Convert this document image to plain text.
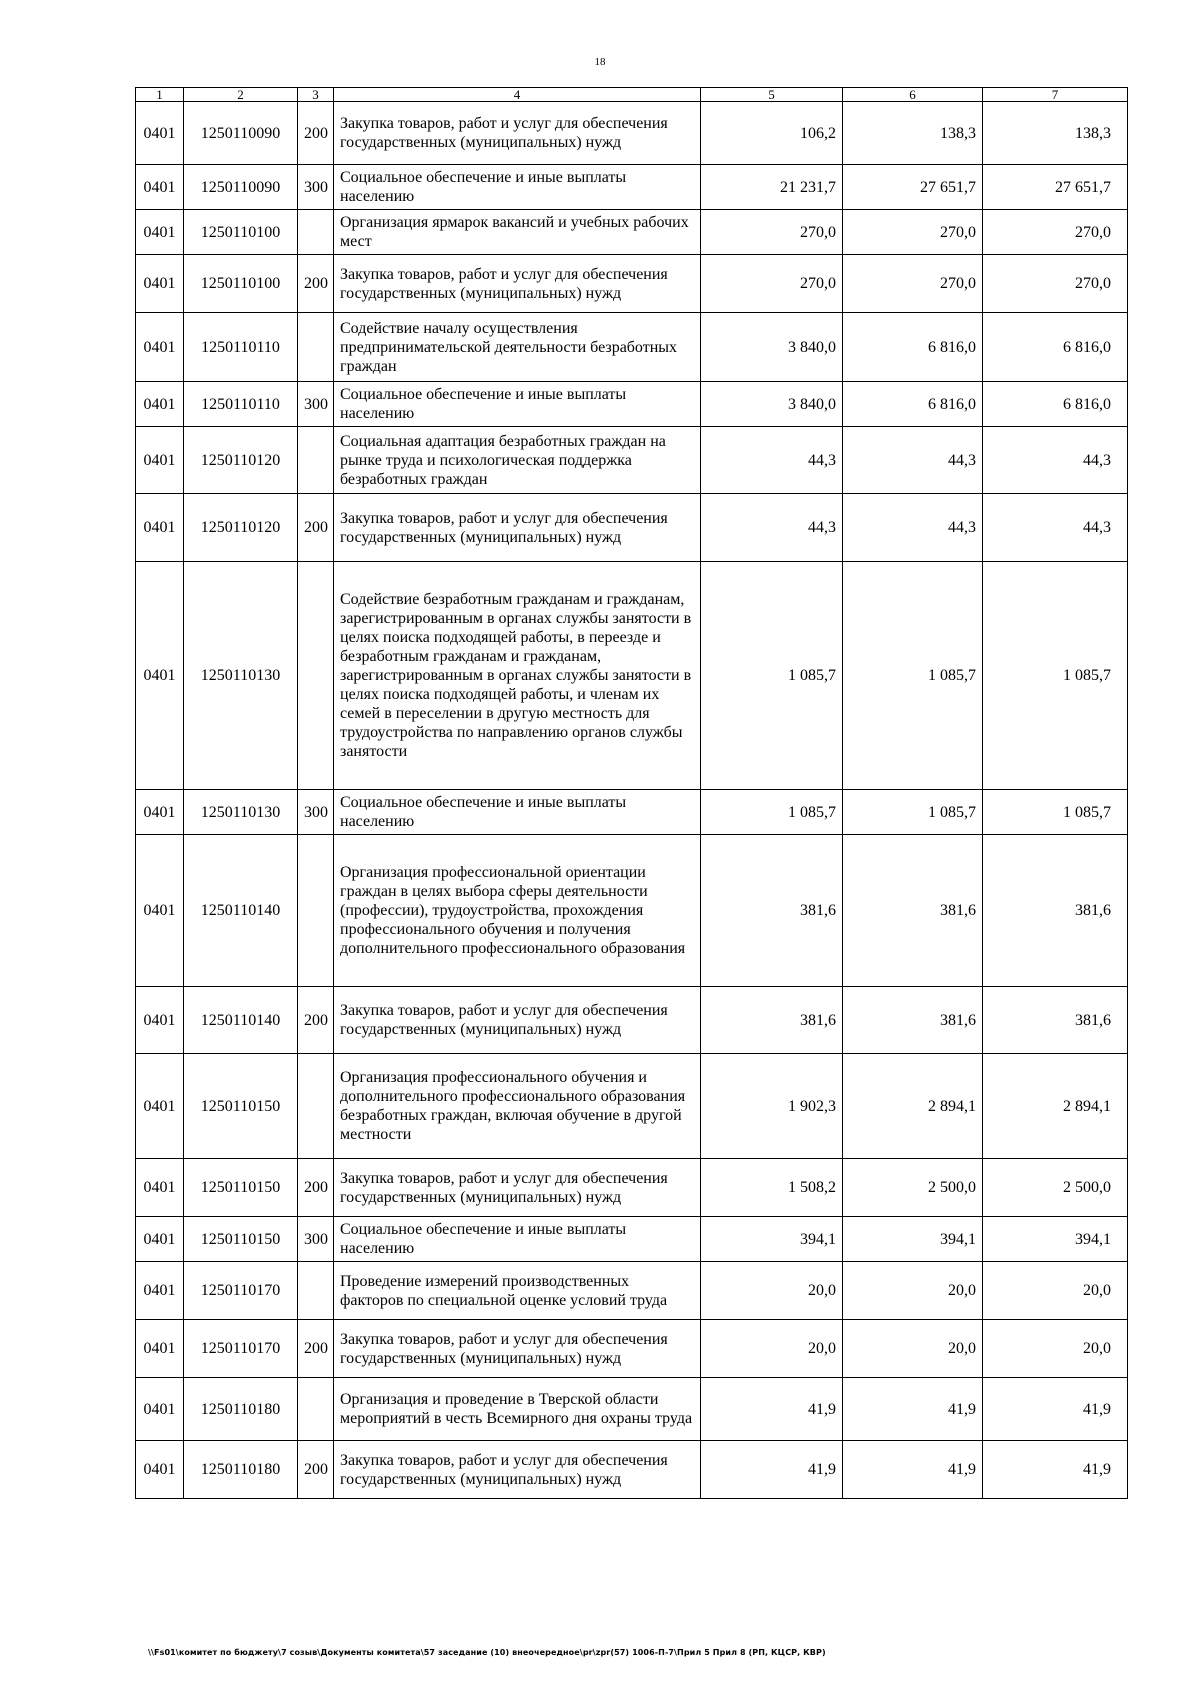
18
1	2	3	4	5	6	7
0401	1250110090	200	Закупка товаров, работ и услуг для обеспечения государственных (муниципальных) нужд	106,2	138,3	138,3
0401	1250110090	300	Социальное обеспечение и иные выплаты населению	21 231,7	27 651,7	27 651,7
0401	1250110100		Организация ярмарок вакансий и учебных рабочих мест	270,0	270,0	270,0
0401	1250110100	200	Закупка товаров, работ и услуг для обеспечения государственных (муниципальных) нужд	270,0	270,0	270,0
0401	1250110110		Содействие началу осуществления предпринимательской деятельности безработных граждан	3 840,0	6 816,0	6 816,0
0401	1250110110	300	Социальное обеспечение и иные выплаты населению	3 840,0	6 816,0	6 816,0
0401	1250110120		Социальная адаптация безработных граждан на рынке труда и психологическая поддержка безработных граждан	44,3	44,3	44,3
0401	1250110120	200	Закупка товаров, работ и услуг для обеспечения государственных (муниципальных) нужд	44,3	44,3	44,3
0401	1250110130		Содействие безработным гражданам и гражданам, зарегистрированным в органах службы занятости в целях поиска подходящей работы, в переезде и безработным гражданам и гражданам, зарегистрированным в органах службы занятости в целях поиска подходящей работы, и членам их семей в переселении в другую местность для трудоустройства по направлению органов службы занятости	1 085,7	1 085,7	1 085,7
0401	1250110130	300	Социальное обеспечение и иные выплаты населению	1 085,7	1 085,7	1 085,7
0401	1250110140		Организация профессиональной ориентации граждан в целях выбора сферы деятельности (профессии), трудоустройства, прохождения профессионального обучения и получения дополнительного профессионального образования	381,6	381,6	381,6
0401	1250110140	200	Закупка товаров, работ и услуг для обеспечения государственных (муниципальных) нужд	381,6	381,6	381,6
0401	1250110150		Организация профессионального обучения и дополнительного профессионального образования безработных граждан, включая обучение в другой местности	1 902,3	2 894,1	2 894,1
0401	1250110150	200	Закупка товаров, работ и услуг для обеспечения государственных (муниципальных) нужд	1 508,2	2 500,0	2 500,0
0401	1250110150	300	Социальное обеспечение и иные выплаты населению	394,1	394,1	394,1
0401	1250110170		Проведение измерений производственных факторов по специальной оценке условий труда	20,0	20,0	20,0
0401	1250110170	200	Закупка товаров, работ и услуг для обеспечения государственных (муниципальных) нужд	20,0	20,0	20,0
0401	1250110180		Организация и проведение в Тверской области мероприятий в честь Всемирного дня охраны труда	41,9	41,9	41,9
0401	1250110180	200	Закупка товаров, работ и услуг для обеспечения государственных (муниципальных) нужд	41,9	41,9	41,9
\\Fs01\комитет по бюджету\7 созыв\Документы комитета\57 заседание (10) внеочередное\pr\zpr(57) 1006-П-7\Прил 5 Прил 8 (РП, КЦСР, КВР)
